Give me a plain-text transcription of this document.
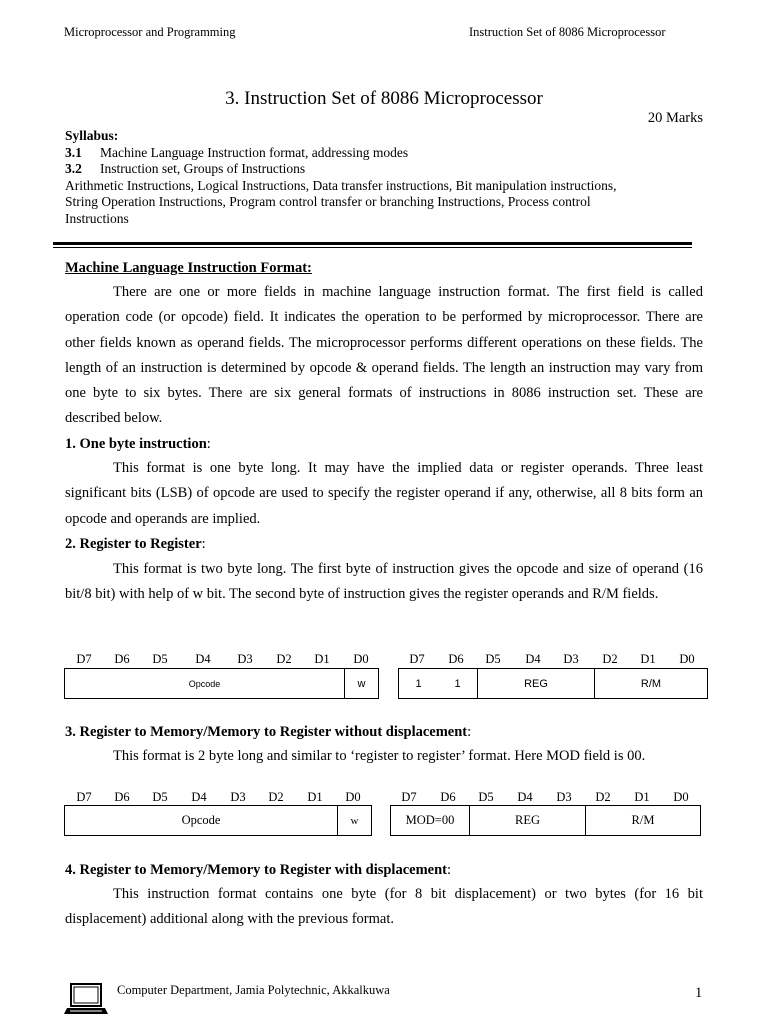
Microprocessor and Programming	Instruction Set of 8086 Microprocessor
3. Instruction Set of 8086 Microprocessor
20 Marks
Syllabus:
3.1 Machine Language Instruction format, addressing modes
3.2 Instruction set, Groups of Instructions
Arithmetic Instructions, Logical Instructions, Data transfer instructions, Bit manipulation instructions,
String Operation Instructions, Program control transfer or branching Instructions, Process control
Instructions
Machine Language Instruction Format:
There are one or more fields in machine language instruction format. The first field is called operation code (or opcode) field. It indicates the operation to be performed by microprocessor. There are other fields known as operand fields. The microprocessor performs different operations on these fields. The length of an instruction is determined by opcode & operand fields. The length an instruction may vary from one byte to six bytes. There are six general formats of instructions in 8086 instruction set. These are described below.
1. One byte instruction:
This format is one byte long. It may have the implied data or register operands. Three least significant bits (LSB) of opcode are used to specify the register operand if any, otherwise, all 8 bits form an opcode and operands are implied.
2. Register to Register:
This format is two byte long. The first byte of instruction gives the opcode and size of operand (16 bit/8 bit) with help of w bit. The second byte of instruction gives the register operands and R/M fields.
D7 D6 D5 D4 D3 D2 D1 D0	D7 D6 D5 D4 D3 D2 D1 D0
Opcode	w	1	1	REG	R/M
3. Register to Memory/Memory to Register without displacement:
This format is 2 byte long and similar to ‘register to register’ format. Here MOD field is 00.
D7 D6 D5 D4 D3 D2 D1 D0	D7 D6 D5 D4 D3 D2 D1 D0
Opcode	w	MOD=00	REG	R/M
4. Register to Memory/Memory to Register with displacement:
This instruction format contains one byte (for 8 bit displacement) or two bytes (for 16 bit displacement) additional along with the previous format.
Computer Department, Jamia Polytechnic, Akkalkuwa	1
